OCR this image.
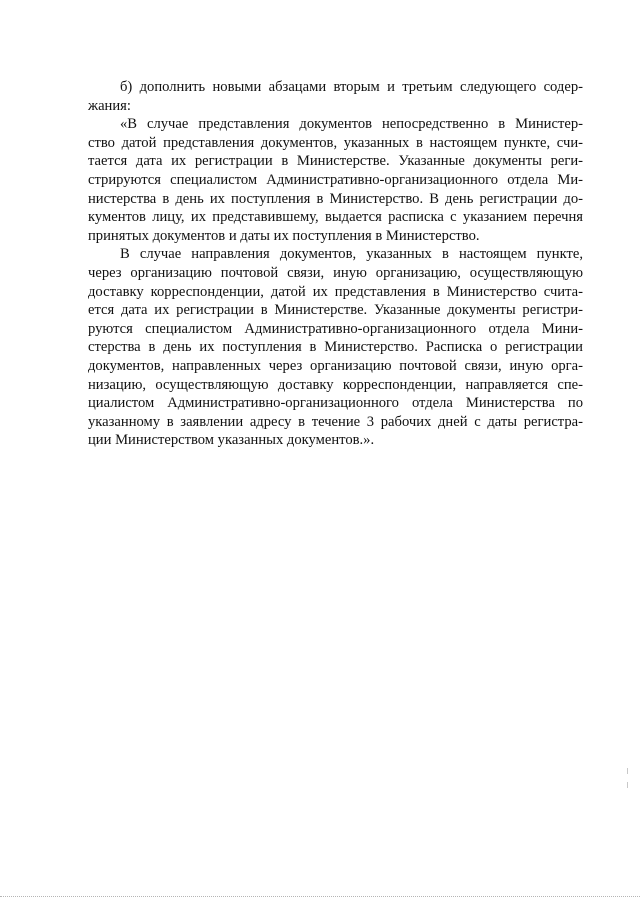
б) дополнить новыми абзацами вторым и третьим следующего содер-
жания:
«В случае представления документов непосредственно в Министер-
ство датой представления документов, указанных в настоящем пункте, счи-
тается дата их регистрации в Министерстве. Указанные документы реги-
стрируются специалистом Административно-организационного отдела Ми-
нистерства в день их поступления в Министерство. В день регистрации до-
кументов лицу, их представившему, выдается расписка с указанием перечня
принятых документов и даты их поступления в Министерство.
В случае направления документов, указанных в настоящем пункте,
через организацию почтовой связи, иную организацию, осуществляющую
доставку корреспонденции, датой их представления в Министерство счита-
ется дата их регистрации в Министерстве. Указанные документы регистри-
руются специалистом Административно-организационного отдела Мини-
стерства в день их поступления в Министерство. Расписка о регистрации
документов, направленных через организацию почтовой связи, иную орга-
низацию, осуществляющую доставку корреспонденции, направляется спе-
циалистом Административно-организационного отдела Министерства по
указанному в заявлении адресу в течение 3 рабочих дней с даты регистра-
ции Министерством указанных документов.».
